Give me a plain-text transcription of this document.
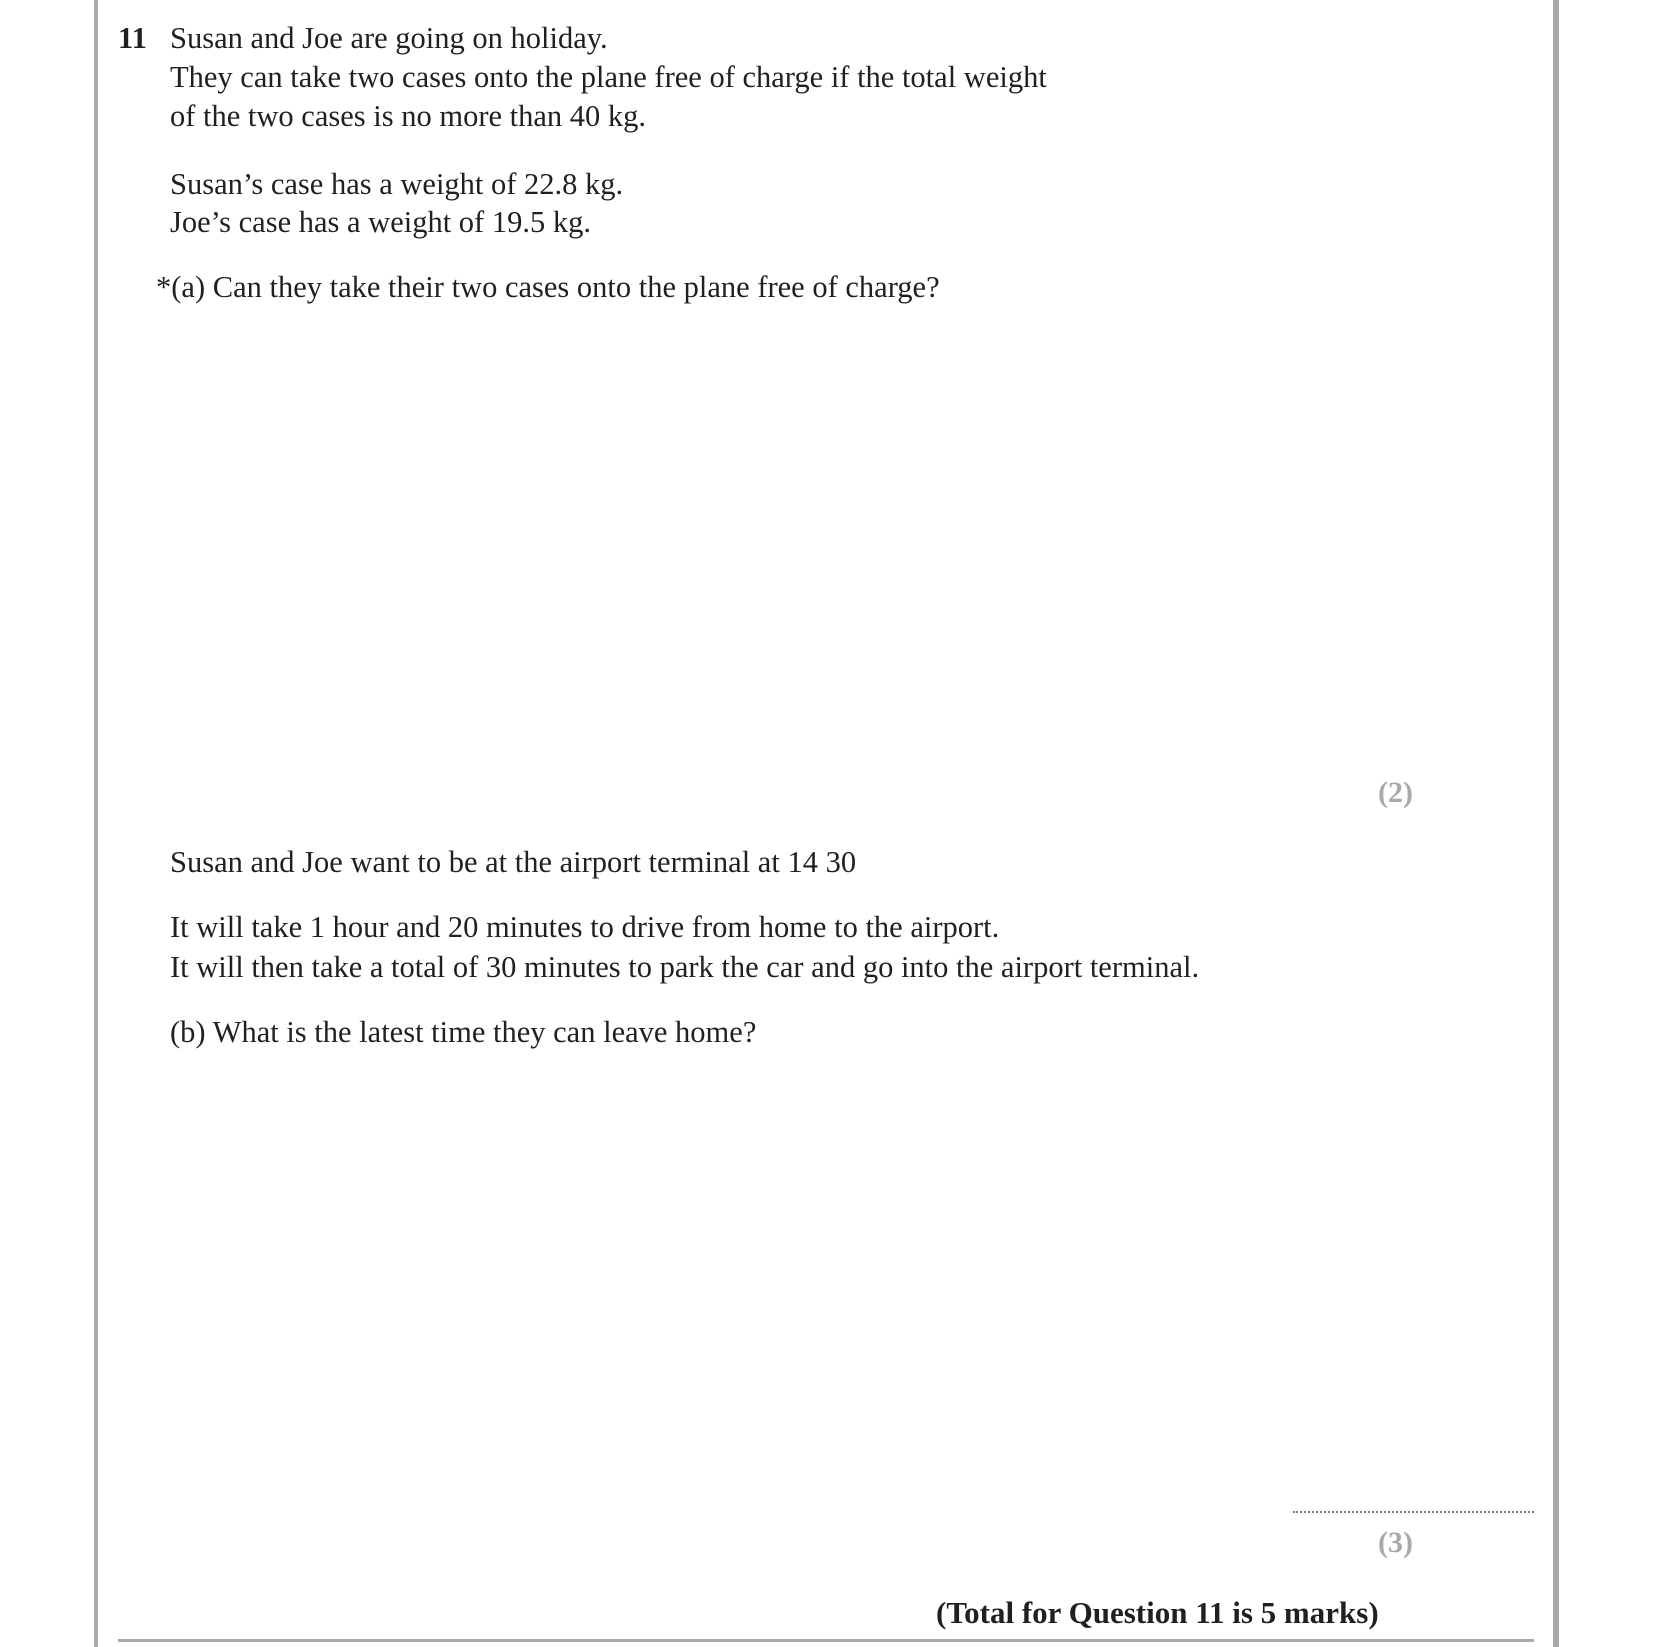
11 Susan and Joe are going on holiday.
They can take two cases onto the plane free of charge if the total weight
of the two cases is no more than 40 kg.
Susan’s case has a weight of 22.8 kg.
Joe’s case has a weight of 19.5 kg.
*(a) Can they take their two cases onto the plane free of charge?
(2)
Susan and Joe want to be at the airport terminal at 14 30
It will take 1 hour and 20 minutes to drive from home to the airport.
It will then take a total of 30 minutes to park the car and go into the airport terminal.
(b) What is the latest time they can leave home?
(3)
(Total for Question 11 is 5 marks)
